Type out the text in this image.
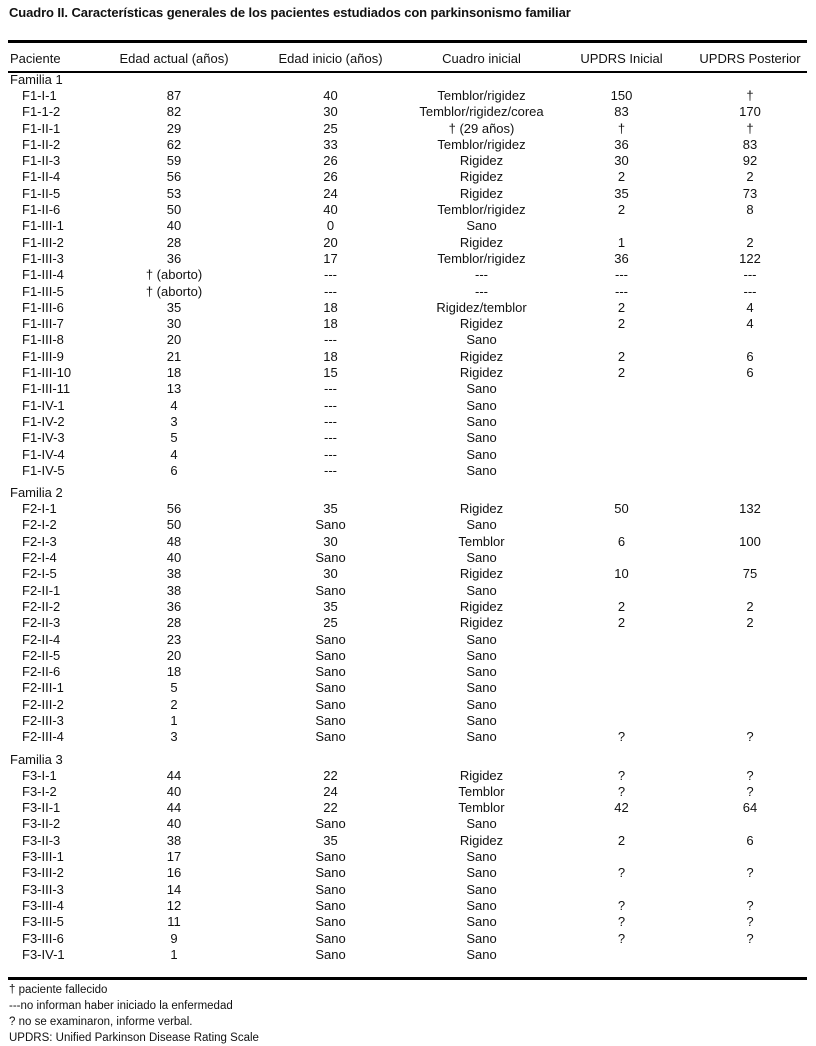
Cuadro II. Características generales de los pacientes estudiados con parkinsonismo familiar
Paciente	Edad actual (años)	Edad inicio (años)	Cuadro inicial	UPDRS Inicial	UPDRS Posterior
Familia 1					
F1-I-1	87	40	Temblor/rigidez	150	†
F1-1-2	82	30	Temblor/rigidez/corea	83	170
F1-II-1	29	25	† (29 años)	†	†
F1-II-2	62	33	Temblor/rigidez	36	83
F1-II-3	59	26	Rigidez	30	92
F1-II-4	56	26	Rigidez	2	2
F1-II-5	53	24	Rigidez	35	73
F1-II-6	50	40	Temblor/rigidez	2	8
F1-III-1	40	0	Sano		
F1-III-2	28	20	Rigidez	1	2
F1-III-3	36	17	Temblor/rigidez	36	122
F1-III-4	† (aborto)	---	---	---	---
F1-III-5	† (aborto)	---	---	---	---
F1-III-6	35	18	Rigidez/temblor	2	4
F1-III-7	30	18	Rigidez	2	4
F1-III-8	20	---	Sano		
F1-III-9	21	18	Rigidez	2	6
F1-III-10	18	15	Rigidez	2	6
F1-III-11	13	---	Sano		
F1-IV-1	4	---	Sano		
F1-IV-2	3	---	Sano		
F1-IV-3	5	---	Sano		
F1-IV-4	4	---	Sano		
F1-IV-5	6	---	Sano		
Familia 2					
F2-I-1	56	35	Rigidez	50	132
F2-I-2	50	Sano	Sano		
F2-I-3	48	30	Temblor	6	100
F2-I-4	40	Sano	Sano		
F2-I-5	38	30	Rigidez	10	75
F2-II-1	38	Sano	Sano		
F2-II-2	36	35	Rigidez	2	2
F2-II-3	28	25	Rigidez	2	2
F2-II-4	23	Sano	Sano		
F2-II-5	20	Sano	Sano		
F2-II-6	18	Sano	Sano		
F2-III-1	5	Sano	Sano		
F2-III-2	2	Sano	Sano		
F2-III-3	1	Sano	Sano		
F2-III-4	3	Sano	Sano	?	?
Familia 3					
F3-I-1	44	22	Rigidez	?	?
F3-I-2	40	24	Temblor	?	?
F3-II-1	44	22	Temblor	42	64
F3-II-2	40	Sano	Sano		
F3-II-3	38	35	Rigidez	2	6
F3-III-1	17	Sano	Sano		
F3-III-2	16	Sano	Sano	?	?
F3-III-3	14	Sano	Sano		
F3-III-4	12	Sano	Sano	?	?
F3-III-5	11	Sano	Sano	?	?
F3-III-6	9	Sano	Sano	?	?
F3-IV-1	1	Sano	Sano		
† paciente fallecido
---no informan haber iniciado la enfermedad
? no se examinaron, informe verbal.
UPDRS: Unified Parkinson Disease Rating Scale
